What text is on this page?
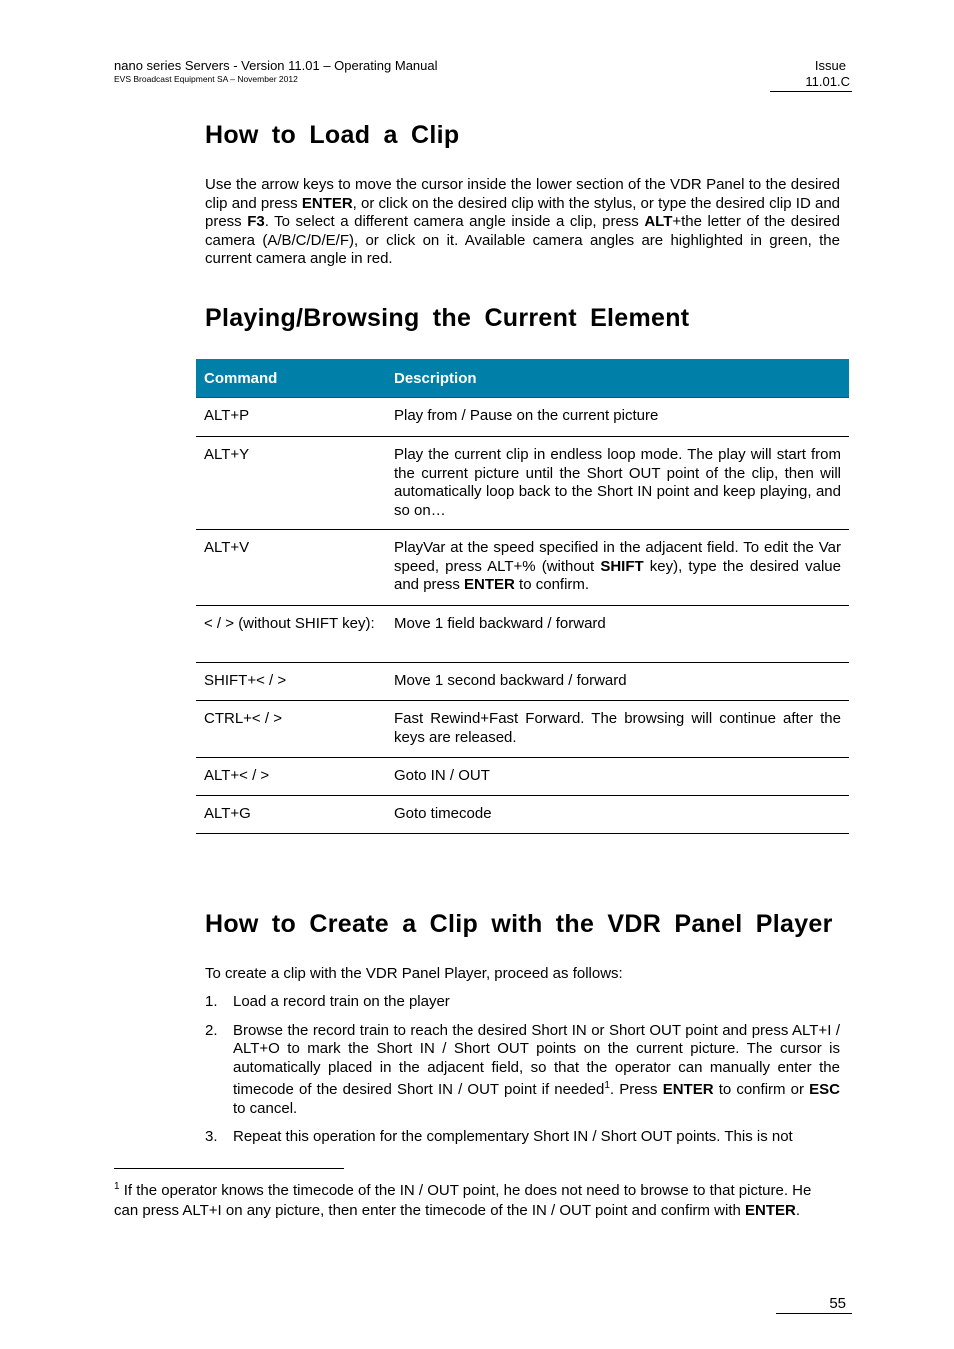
nano series Servers - Version 11.01 – Operating Manual
EVS Broadcast Equipment SA – November 2012
Issue
11.01.C
How to Load a Clip

Use the arrow keys to move the cursor inside the lower section of the VDR Panel to the desired clip and press ENTER, or click on the desired clip with the stylus, or type the desired clip ID and press F3. To select a different camera angle inside a clip, press ALT+the letter of the desired camera (A/B/C/D/E/F), or click on it. Available camera angles are highlighted in green, the current camera angle in red.

Playing/Browsing the Current Element
Command	Description
ALT+P	Play from / Pause on the current picture
ALT+Y	Play the current clip in endless loop mode. The play will start from the current picture until the Short OUT point of the clip, then will automatically loop back to the Short IN point and keep playing, and so on…
ALT+V	PlayVar at the speed specified in the adjacent field. To edit the Var speed, press ALT+% (without SHIFT key), type the desired value and press ENTER to confirm.
< / > (without SHIFT key):	Move 1 field backward / forward
SHIFT+< / >	Move 1 second backward / forward
CTRL+< / >	Fast Rewind+Fast Forward. The browsing will continue after the keys are released.
ALT+< / >	Goto IN / OUT
ALT+G	Goto timecode
How to Create a Clip with the VDR Panel Player

To create a clip with the VDR Panel Player, proceed as follows:

1. Load a record train on the player
2. Browse the record train to reach the desired Short IN or Short OUT point and press ALT+I / ALT+O to mark the Short IN / Short OUT points on the current picture. The cursor is automatically placed in the adjacent field, so that the operator can manually enter the timecode of the desired Short IN / OUT point if needed$^1$. Press ENTER to confirm or ESC to cancel.
3. Repeat this operation for the complementary Short IN / Short OUT points. This is not
$^1$ If the operator knows the timecode of the IN / OUT point, he does not need to browse to that picture. He can press ALT+I on any picture, then enter the timecode of the IN / OUT point and confirm with ENTER.
55
